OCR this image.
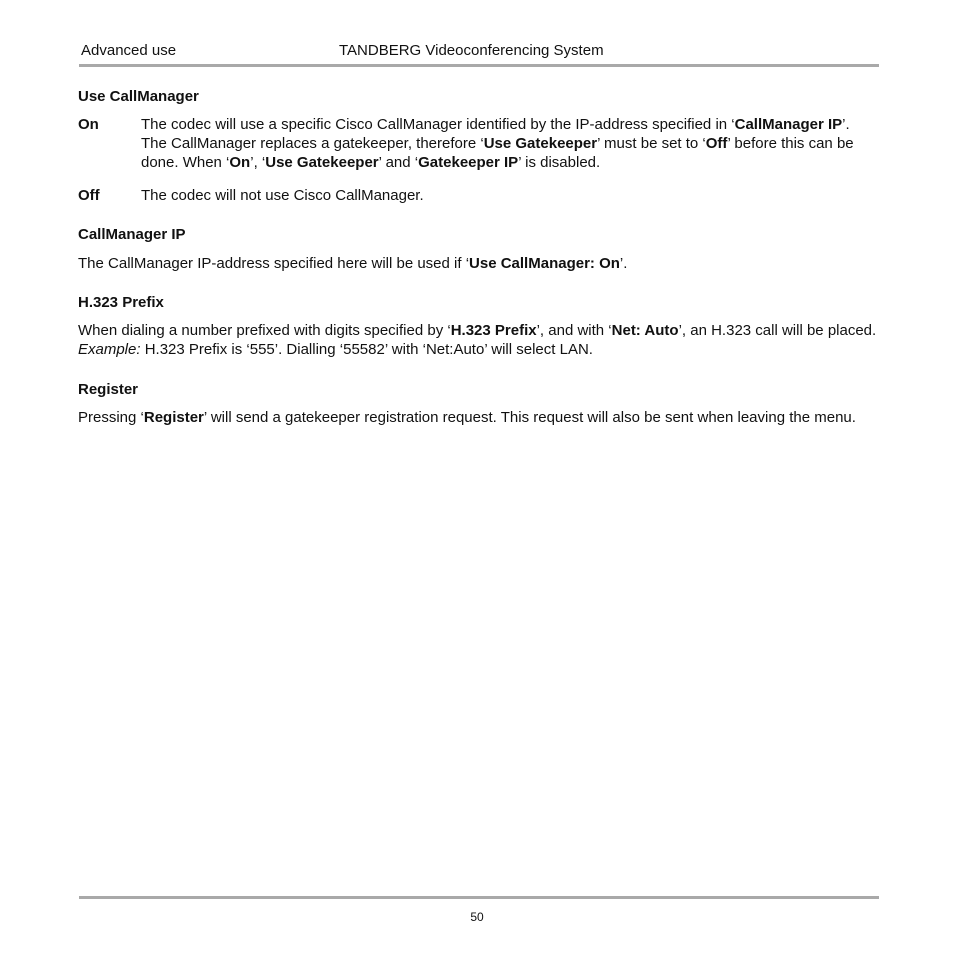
Advanced use	TANDBERG Videoconferencing System

Use CallManager

On	The codec will use a specific Cisco CallManager identified by the IP-address specified in ‘CallManager IP’. The CallManager replaces a gatekeeper, therefore ‘Use Gatekeeper’ must be set to ‘Off’ before this can be done. When ‘On’, ‘Use Gatekeeper’ and ‘Gatekeeper IP’ is disabled.
Off	The codec will not use Cisco CallManager.

CallManager IP

The CallManager IP-address specified here will be used if ‘Use CallManager: On’.

H.323 Prefix

When dialing a number prefixed with digits specified by ‘H.323 Prefix’, and with ‘Net: Auto’, an H.323 call will be placed. Example: H.323 Prefix is ‘555’. Dialling ‘55582’ with ‘Net:Auto’ will select LAN.

Register

Pressing ‘Register’ will send a gatekeeper registration request. This request will also be sent when leaving the menu.

50
